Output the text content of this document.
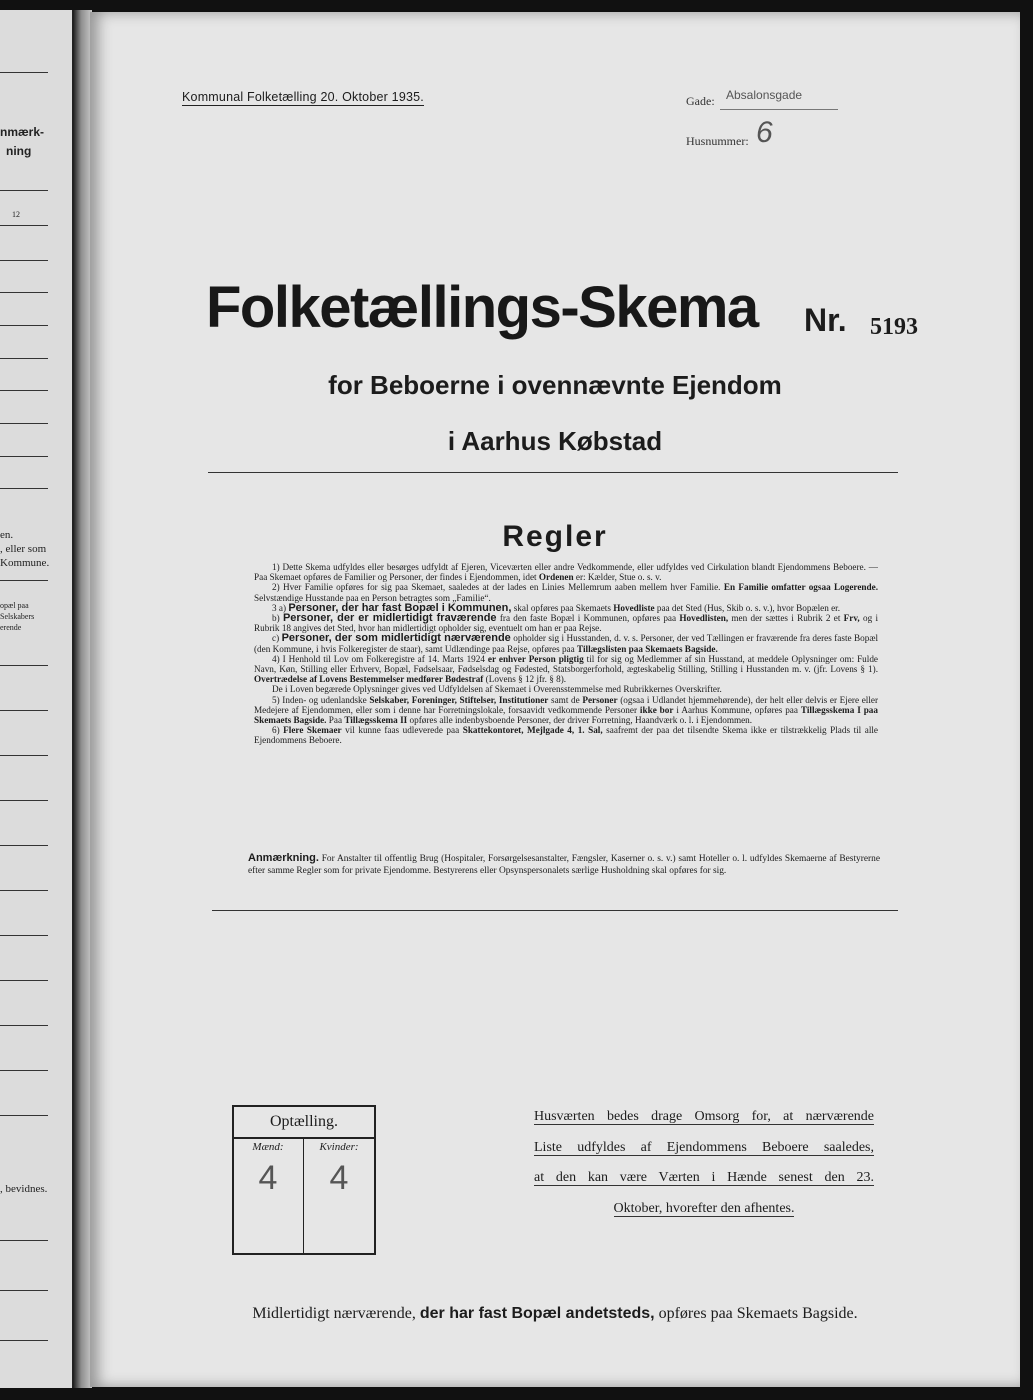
nmærk-
ning
12
en.
, eller som
Kommune.
opæl paa
Selskabers
erende
, bevidnes.
Kommunal Folketælling 20. Oktober 1935.	Gade: Absalonsgade
Husnummer: 6
Folketællings-Skema Nr. 5193
for Beboerne i ovennævnte Ejendom
i Aarhus Købstad
Regler

1) Dette Skema udfyldes eller besørges udfyldt af Ejeren, Viceværten eller andre Vedkommende, eller udfyldes ved Cirkulation blandt Ejendommens Beboere. — Paa Skemaet opføres de Familier og Personer, der findes i Ejendommen, idet Ordenen er: Kælder, Stue o. s. v.

2) Hver Familie opføres for sig paa Skemaet, saaledes at der lades en Linies Mellemrum aaben mellem hver Familie. En Familie omfatter ogsaa Logerende. Selvstændige Husstande paa en Person betragtes som „Familie“.

3 a) Personer, der har fast Bopæl i Kommunen, skal opføres paa Skemaets Hovedliste paa det Sted (Hus, Skib o. s. v.), hvor Bopælen er.

b) Personer, der er midlertidigt fraværende fra den faste Bopæl i Kommunen, opføres paa Hovedlisten, men der sættes i Rubrik 2 et Frv, og i Rubrik 18 angives det Sted, hvor han midlertidigt opholder sig, eventuelt om han er paa Rejse.

c) Personer, der som midlertidigt nærværende opholder sig i Husstanden, d. v. s. Personer, der ved Tællingen er fraværende fra deres faste Bopæl (den Kommune, i hvis Folkeregister de staar), samt Udlændinge paa Rejse, opføres paa Tillægslisten paa Skemaets Bagside.

4) I Henhold til Lov om Folkeregistre af 14. Marts 1924 er enhver Person pligtig til for sig og Medlemmer af sin Husstand, at meddele Oplysninger om: Fulde Navn, Køn, Stilling eller Erhverv, Bopæl, Fødselsaar, Fødselsdag og Fødested, Statsborgerforhold, ægteskabelig Stilling, Stilling i Husstanden m. v. (jfr. Lovens § 1). Overtrædelse af Lovens Bestemmelser medfører Bødestraf (Lovens § 12 jfr. § 8).

De i Loven begærede Oplysninger gives ved Udfyldelsen af Skemaet i Overensstemmelse med Rubrikkernes Overskrifter.

5) Inden- og udenlandske Selskaber, Foreninger, Stiftelser, Institutioner samt de Personer (ogsaa i Udlandet hjemmehørende), der helt eller delvis er Ejere eller Medejere af Ejendommen, eller som i denne har Forretningslokale, forsaavidt vedkommende Personer ikke bor i Aarhus Kommune, opføres paa Tillægsskema I paa Skemaets Bagside. Paa Tillægsskema II opføres alle indenbysboende Personer, der driver Forretning, Haandværk o. l. i Ejendommen.

6) Flere Skemaer vil kunne faas udleverede paa Skattekontoret, Mejlgade 4, 1. Sal, saafremt der paa det tilsendte Skema ikke er tilstrækkelig Plads til alle Ejendommens Beboere.

Anmærkning. For Anstalter til offentlig Brug (Hospitaler, Forsørgelsesanstalter, Fængsler, Kaserner o. s. v.) samt Hoteller o. l. udfyldes Skemaerne af Bestyrerne efter samme Regler som for private Ejendomme. Bestyrerens eller Opsynspersonalets særlige Husholdning skal opføres for sig.
Optælling.
Mænd:	Kvinder:
4	4
Husværten bedes drage Omsorg for, at nærværende
Liste udfyldes af Ejendommens Beboere saaledes,
at den kan være Værten i Hænde senest den 23.
Oktober, hvorefter den afhentes.
Midlertidigt nærværende, der har fast Bopæl andetsteds, opføres paa Skemaets Bagside.
